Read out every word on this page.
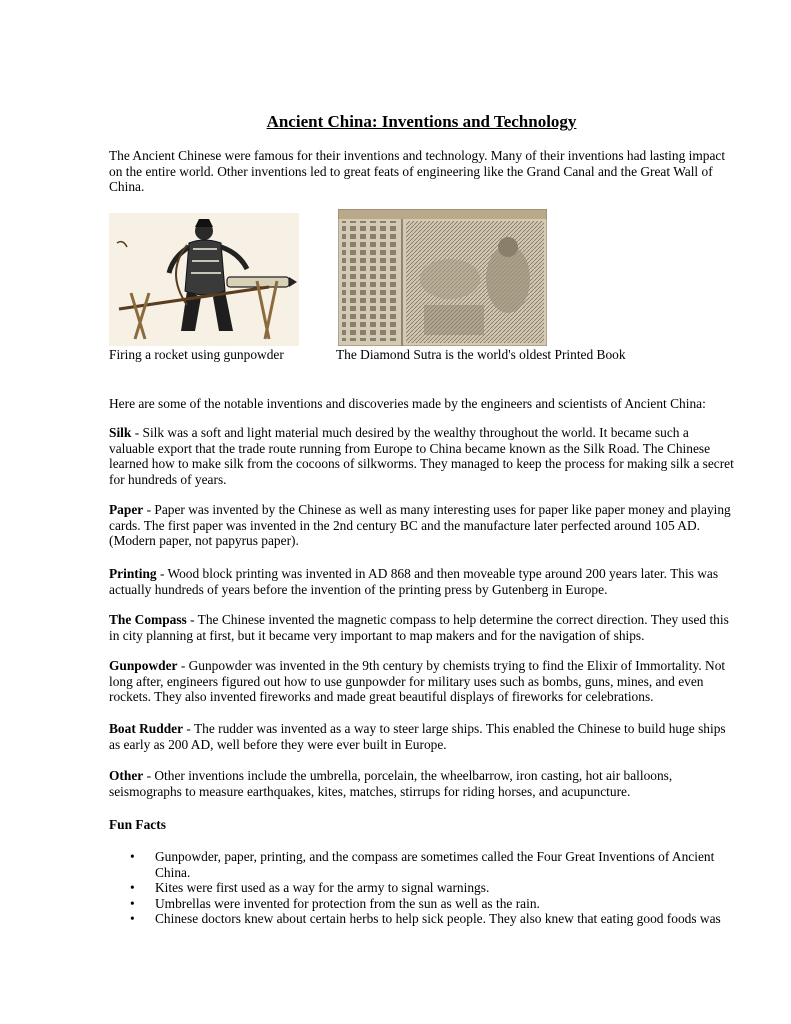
Ancient China: Inventions and Technology

The Ancient Chinese were famous for their inventions and technology. Many of their inventions had lasting impact on the entire world. Other inventions led to great feats of engineering like the Grand Canal and the Great Wall of China.

Firing a rocket using gunpowder	The Diamond Sutra is the world's oldest Printed Book

Here are some of the notable inventions and discoveries made by the engineers and scientists of Ancient China:

Silk - Silk was a soft and light material much desired by the wealthy throughout the world. It became such a valuable export that the trade route running from Europe to China became known as the Silk Road. The Chinese learned how to make silk from the cocoons of silkworms. They managed to keep the process for making silk a secret for hundreds of years.

Paper - Paper was invented by the Chinese as well as many interesting uses for paper like paper money and playing cards. The first paper was invented in the 2nd century BC and the manufacture later perfected around 105 AD. (Modern paper, not papyrus paper).

Printing - Wood block printing was invented in AD 868 and then moveable type around 200 years later. This was actually hundreds of years before the invention of the printing press by Gutenberg in Europe.

The Compass - The Chinese invented the magnetic compass to help determine the correct direction. They used this in city planning at first, but it became very important to map makers and for the navigation of ships.

Gunpowder - Gunpowder was invented in the 9th century by chemists trying to find the Elixir of Immortality. Not long after, engineers figured out how to use gunpowder for military uses such as bombs, guns, mines, and even rockets. They also invented fireworks and made great beautiful displays of fireworks for celebrations.

Boat Rudder - The rudder was invented as a way to steer large ships. This enabled the Chinese to build huge ships as early as 200 AD, well before they were ever built in Europe.

Other - Other inventions include the umbrella, porcelain, the wheelbarrow, iron casting, hot air balloons, seismographs to measure earthquakes, kites, matches, stirrups for riding horses, and acupuncture.

Fun Facts

• Gunpowder, paper, printing, and the compass are sometimes called the Four Great Inventions of Ancient China.
• Kites were first used as a way for the army to signal warnings.
• Umbrellas were invented for protection from the sun as well as the rain.
• Chinese doctors knew about certain herbs to help sick people. They also knew that eating good foods was
